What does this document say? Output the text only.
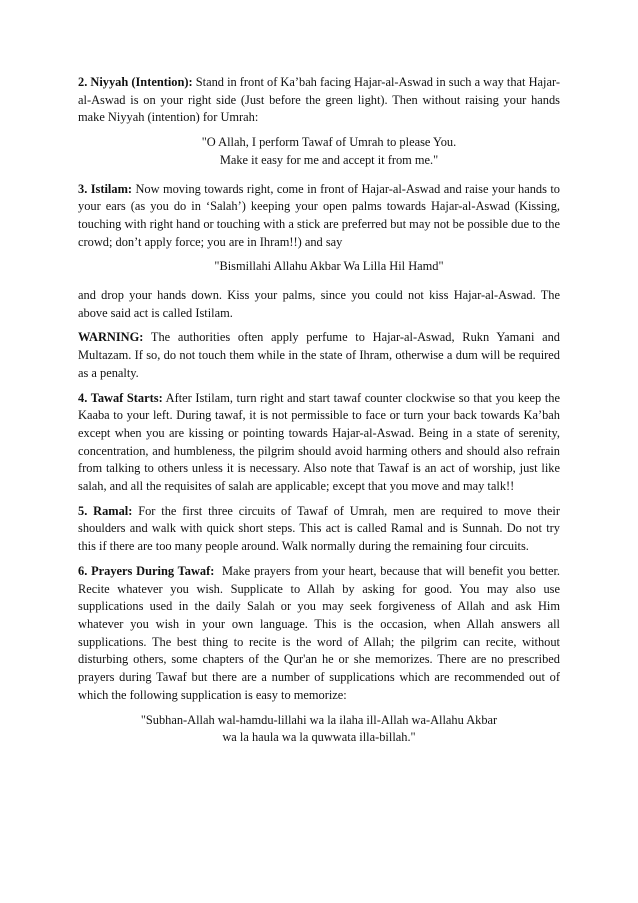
2. Niyyah (Intention): Stand in front of Ka’bah facing Hajar-al-Aswad in such a way that Hajar-al-Aswad is on your right side (Just before the green light). Then without raising your hands make Niyyah (intention) for Umrah:

"O Allah, I perform Tawaf of Umrah to please You.
Make it easy for me and accept it from me."

3. Istilam: Now moving towards right, come in front of Hajar-al-Aswad and raise your hands to your ears (as you do in ‘Salah’) keeping your open palms towards Hajar-al-Aswad (Kissing, touching with right hand or touching with a stick are preferred but may not be possible due to the crowd; don’t apply force; you are in Ihram!!) and say

"Bismillahi Allahu Akbar Wa Lilla Hil Hamd"

and drop your hands down. Kiss your palms, since you could not kiss Hajar-al-Aswad. The above said act is called Istilam.

WARNING: The authorities often apply perfume to Hajar-al-Aswad, Rukn Yamani and Multazam. If so, do not touch them while in the state of Ihram, otherwise a dum will be required as a penalty.

4. Tawaf Starts: After Istilam, turn right and start tawaf counter clockwise so that you keep the Kaaba to your left. During tawaf, it is not permissible to face or turn your back towards Ka’bah except when you are kissing or pointing towards Hajar-al-Aswad. Being in a state of serenity, concentration, and humbleness, the pilgrim should avoid harming others and should also refrain from talking to others unless it is necessary. Also note that Tawaf is an act of worship, just like salah, and all the requisites of salah are applicable; except that you move and may talk!!

5. Ramal: For the first three circuits of Tawaf of Umrah, men are required to move their shoulders and walk with quick short steps. This act is called Ramal and is Sunnah. Do not try this if there are too many people around. Walk normally during the remaining four circuits.

6. Prayers During Tawaf:  Make prayers from your heart, because that will benefit you better. Recite whatever you wish. Supplicate to Allah by asking for good. You may also use supplications used in the daily Salah or you may seek forgiveness of Allah and ask Him whatever you wish in your own language. This is the occasion, when Allah answers all supplications. The best thing to recite is the word of Allah; the pilgrim can recite, without disturbing others, some chapters of the Qur'an he or she memorizes. There are no prescribed prayers during Tawaf but there are a number of supplications which are recommended out of which the following supplication is easy to memorize:

"Subhan-Allah wal-hamdu-lillahi wa la ilaha ill-Allah wa-Allahu Akbar
wa la haula wa la quwwata illa-billah."
